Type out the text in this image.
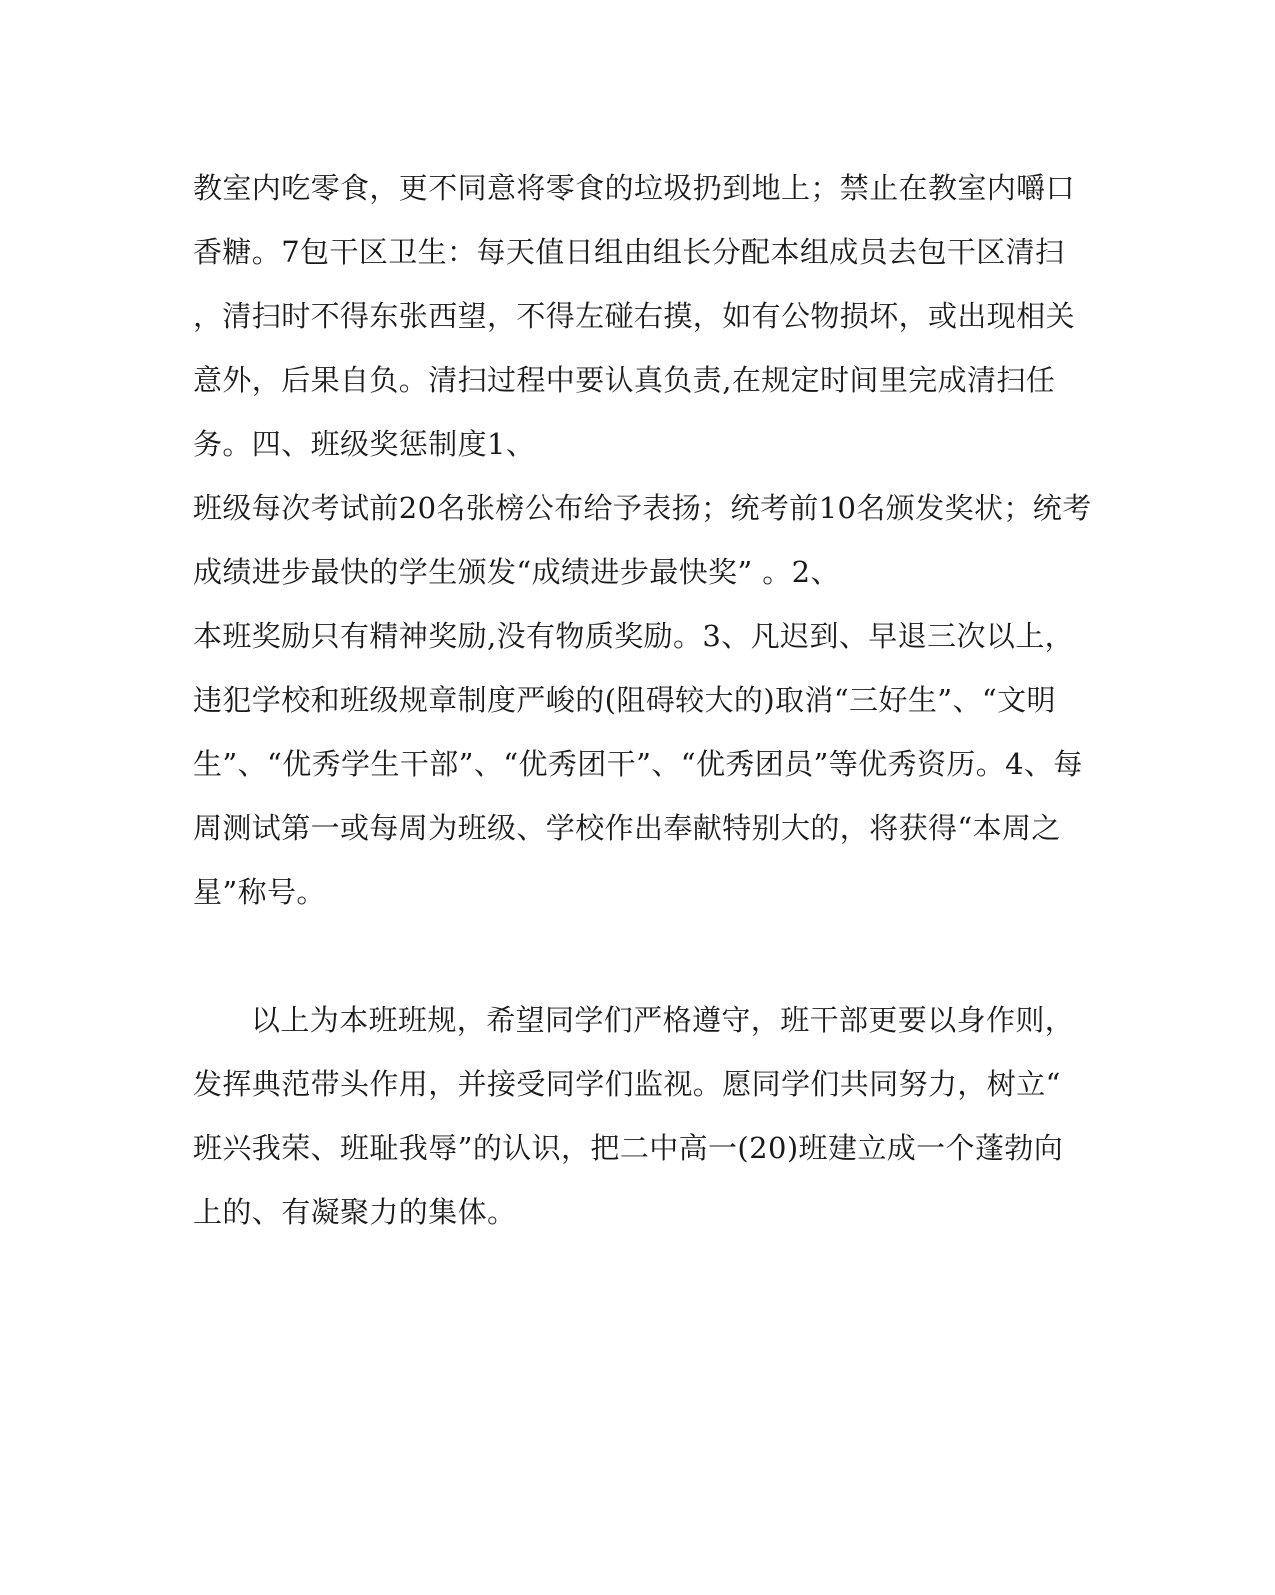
教室内吃零食，更不同意将零食的垃圾扔到地上；禁止在教室内嚼口
香糖。7包干区卫生：每天值日组由组长分配本组成员去包干区清扫
，清扫时不得东张西望，不得左碰右摸，如有公物损坏，或出现相关
意外，后果自负。清扫过程中要认真负责,在规定时间里完成清扫任
务。四、班级奖惩制度1、
班级每次考试前20名张榜公布给予表扬；统考前10名颁发奖状；统考
成绩进步最快的学生颁发“成绩进步最快奖” 。2、
本班奖励只有精神奖励,没有物质奖励。3、凡迟到、早退三次以上，
违犯学校和班级规章制度严峻的(阻碍较大的)取消“三好生”、“文明
生”、“优秀学生干部”、“优秀团干”、“优秀团员”等优秀资历。4、每
周测试第一或每周为班级、学校作出奉献特别大的，将获得“本周之
星”称号。
以上为本班班规，希望同学们严格遵守，班干部更要以身作则，
发挥典范带头作用，并接受同学们监视。愿同学们共同努力，树立“
班兴我荣、班耻我辱”的认识，把二中高一(20)班建立成一个蓬勃向
上的、有凝聚力的集体。
